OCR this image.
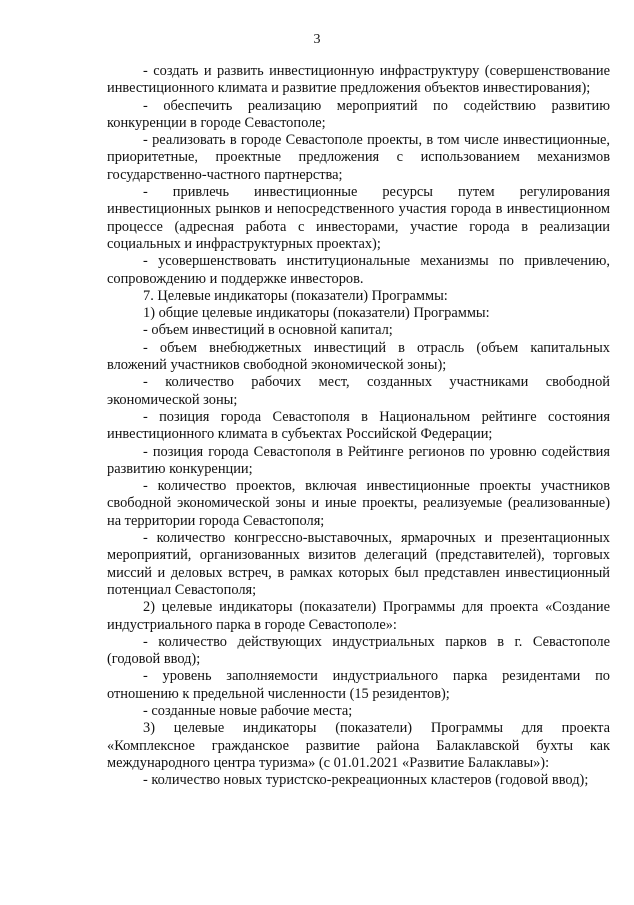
3

- создать и развить инвестиционную инфраструктуру (совершенствование инвестиционного климата и развитие предложения объектов инвестирования);

- обеспечить реализацию мероприятий по содействию развитию конкуренции в городе Севастополе;

- реализовать в городе Севастополе проекты, в том числе инвестиционные, приоритетные, проектные предложения с использованием механизмов государственно-частного партнерства;

- привлечь инвестиционные ресурсы путем регулирования инвестиционных рынков и непосредственного участия города в инвестиционном процессе (адресная работа с инвесторами, участие города в реализации социальных и инфраструктурных проектах);

- усовершенствовать институциональные механизмы по привлечению, сопровождению и поддержке инвесторов.

7. Целевые индикаторы (показатели) Программы:

1) общие целевые индикаторы (показатели) Программы:

- объем инвестиций в основной капитал;

- объем внебюджетных инвестиций в отрасль (объем капитальных вложений участников свободной экономической зоны);

- количество рабочих мест, созданных участниками свободной экономической зоны;

- позиция города Севастополя в Национальном рейтинге состояния инвестиционного климата в субъектах Российской Федерации;

- позиция города Севастополя в Рейтинге регионов по уровню содействия развитию конкуренции;

- количество проектов, включая инвестиционные проекты участников свободной экономической зоны и иные проекты, реализуемые (реализованные) на территории города Севастополя;

- количество конгрессно-выставочных, ярмарочных и презентационных мероприятий, организованных визитов делегаций (представителей), торговых миссий и деловых встреч, в рамках которых был представлен инвестиционный потенциал Севастополя;

2) целевые индикаторы (показатели) Программы для проекта «Создание индустриального парка в городе Севастополе»:

- количество действующих индустриальных парков в г. Севастополе (годовой ввод);

- уровень заполняемости индустриального парка резидентами по отношению к предельной численности (15 резидентов);

- созданные новые рабочие места;

3) целевые индикаторы (показатели) Программы для проекта «Комплексное гражданское развитие района Балаклавской бухты как международного центра туризма» (с 01.01.2021 «Развитие Балаклавы»):

- количество новых туристско-рекреационных кластеров (годовой ввод);
